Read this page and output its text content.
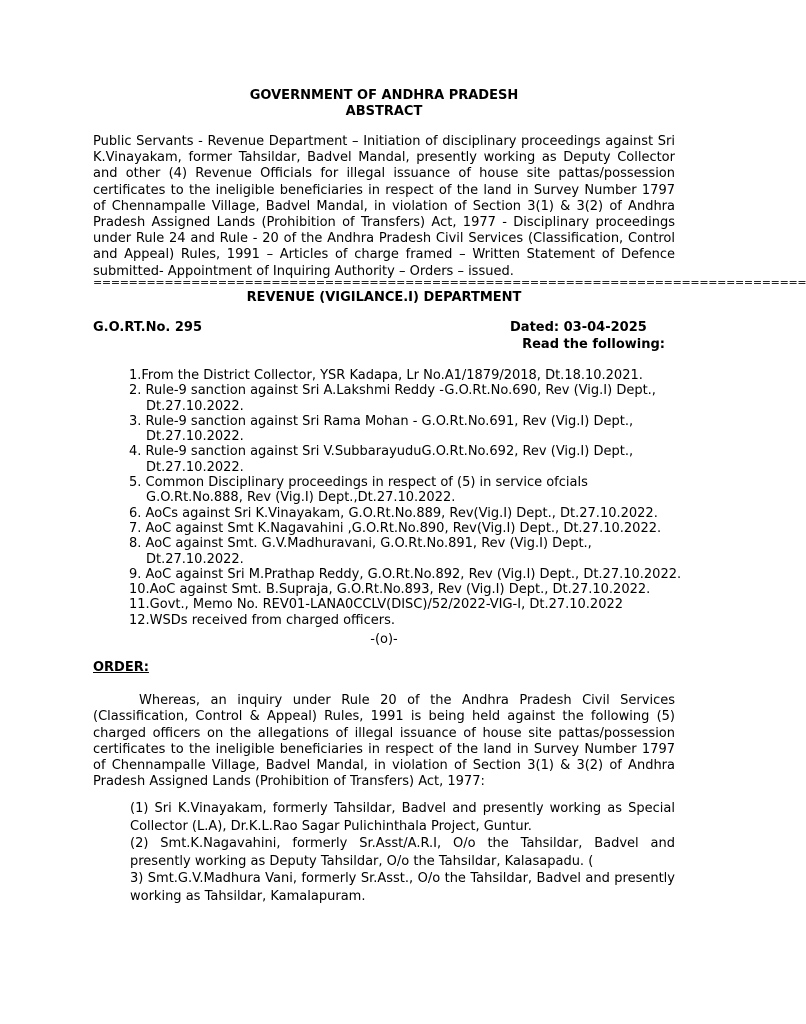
GOVERNMENT OF ANDHRA PRADESH
ABSTRACT
Public Servants - Revenue Department – Initiation of disciplinary proceedings against Sri K.Vinayakam, former Tahsildar, Badvel Mandal, presently working as Deputy Collector and other (4) Revenue Officials for illegal issuance of house site pattas/possession certificates to the ineligible beneficiaries in respect of the land in Survey Number 1797 of Chennampalle Village, Badvel Mandal, in violation of Section 3(1) & 3(2) of Andhra Pradesh Assigned Lands (Prohibition of Transfers) Act, 1977 - Disciplinary proceedings under Rule 24 and Rule - 20 of the Andhra Pradesh Civil Services (Classification, Control and Appeal) Rules, 1991 – Articles of charge framed – Written Statement of Defence submitted- Appointment of Inquiring Authority – Orders – issued.
================================================================================
REVENUE (VIGILANCE.I) DEPARTMENT
G.O.RT.No. 295	Dated: 03-04-2025
Read the following:
1.From the District Collector, YSR Kadapa, Lr No.A1/1879/2018, Dt.18.10.2021.
2. Rule-9 sanction against Sri A.Lakshmi Reddy -G.O.Rt.No.690, Rev (Vig.I) Dept.,
Dt.27.10.2022.
3. Rule-9 sanction against Sri Rama Mohan - G.O.Rt.No.691, Rev (Vig.I) Dept.,
Dt.27.10.2022.
4. Rule-9 sanction against Sri V.SubbarayuduG.O.Rt.No.692, Rev (Vig.I) Dept.,
Dt.27.10.2022.
5. Common Disciplinary proceedings in respect of (5) in service ofcials
G.O.Rt.No.888, Rev (Vig.I) Dept.,Dt.27.10.2022.
6. AoCs against Sri K.Vinayakam, G.O.Rt.No.889, Rev(Vig.I) Dept., Dt.27.10.2022.
7. AoC against Smt K.Nagavahini ,G.O.Rt.No.890, Rev(Vig.I) Dept., Dt.27.10.2022.
8. AoC against Smt. G.V.Madhuravani, G.O.Rt.No.891, Rev (Vig.I) Dept.,
Dt.27.10.2022.
9. AoC against Sri M.Prathap Reddy, G.O.Rt.No.892, Rev (Vig.I) Dept., Dt.27.10.2022.
10.AoC against Smt. B.Supraja, G.O.Rt.No.893, Rev (Vig.I) Dept., Dt.27.10.2022.
11.Govt., Memo No. REV01-LANA0CCLV(DISC)/52/2022-VIG-I, Dt.27.10.2022
12.WSDs received from charged officers.
-(o)-
ORDER:
Whereas, an inquiry under Rule 20 of the Andhra Pradesh Civil Services (Classification, Control & Appeal) Rules, 1991 is being held against the following (5) charged officers on the allegations of illegal issuance of house site pattas/possession certificates to the ineligible beneficiaries in respect of the land in Survey Number 1797 of Chennampalle Village, Badvel Mandal, in violation of Section 3(1) & 3(2) of Andhra Pradesh Assigned Lands (Prohibition of Transfers) Act, 1977:
(1) Sri K.Vinayakam, formerly Tahsildar, Badvel and presently working as Special Collector (L.A), Dr.K.L.Rao Sagar Pulichinthala Project, Guntur.
(2) Smt.K.Nagavahini, formerly Sr.Asst/A.R.I, O/o the Tahsildar, Badvel and presently working as Deputy Tahsildar, O/o the Tahsildar, Kalasapadu. (
3) Smt.G.V.Madhura Vani, formerly Sr.Asst., O/o the Tahsildar, Badvel and presently working as Tahsildar, Kamalapuram.
